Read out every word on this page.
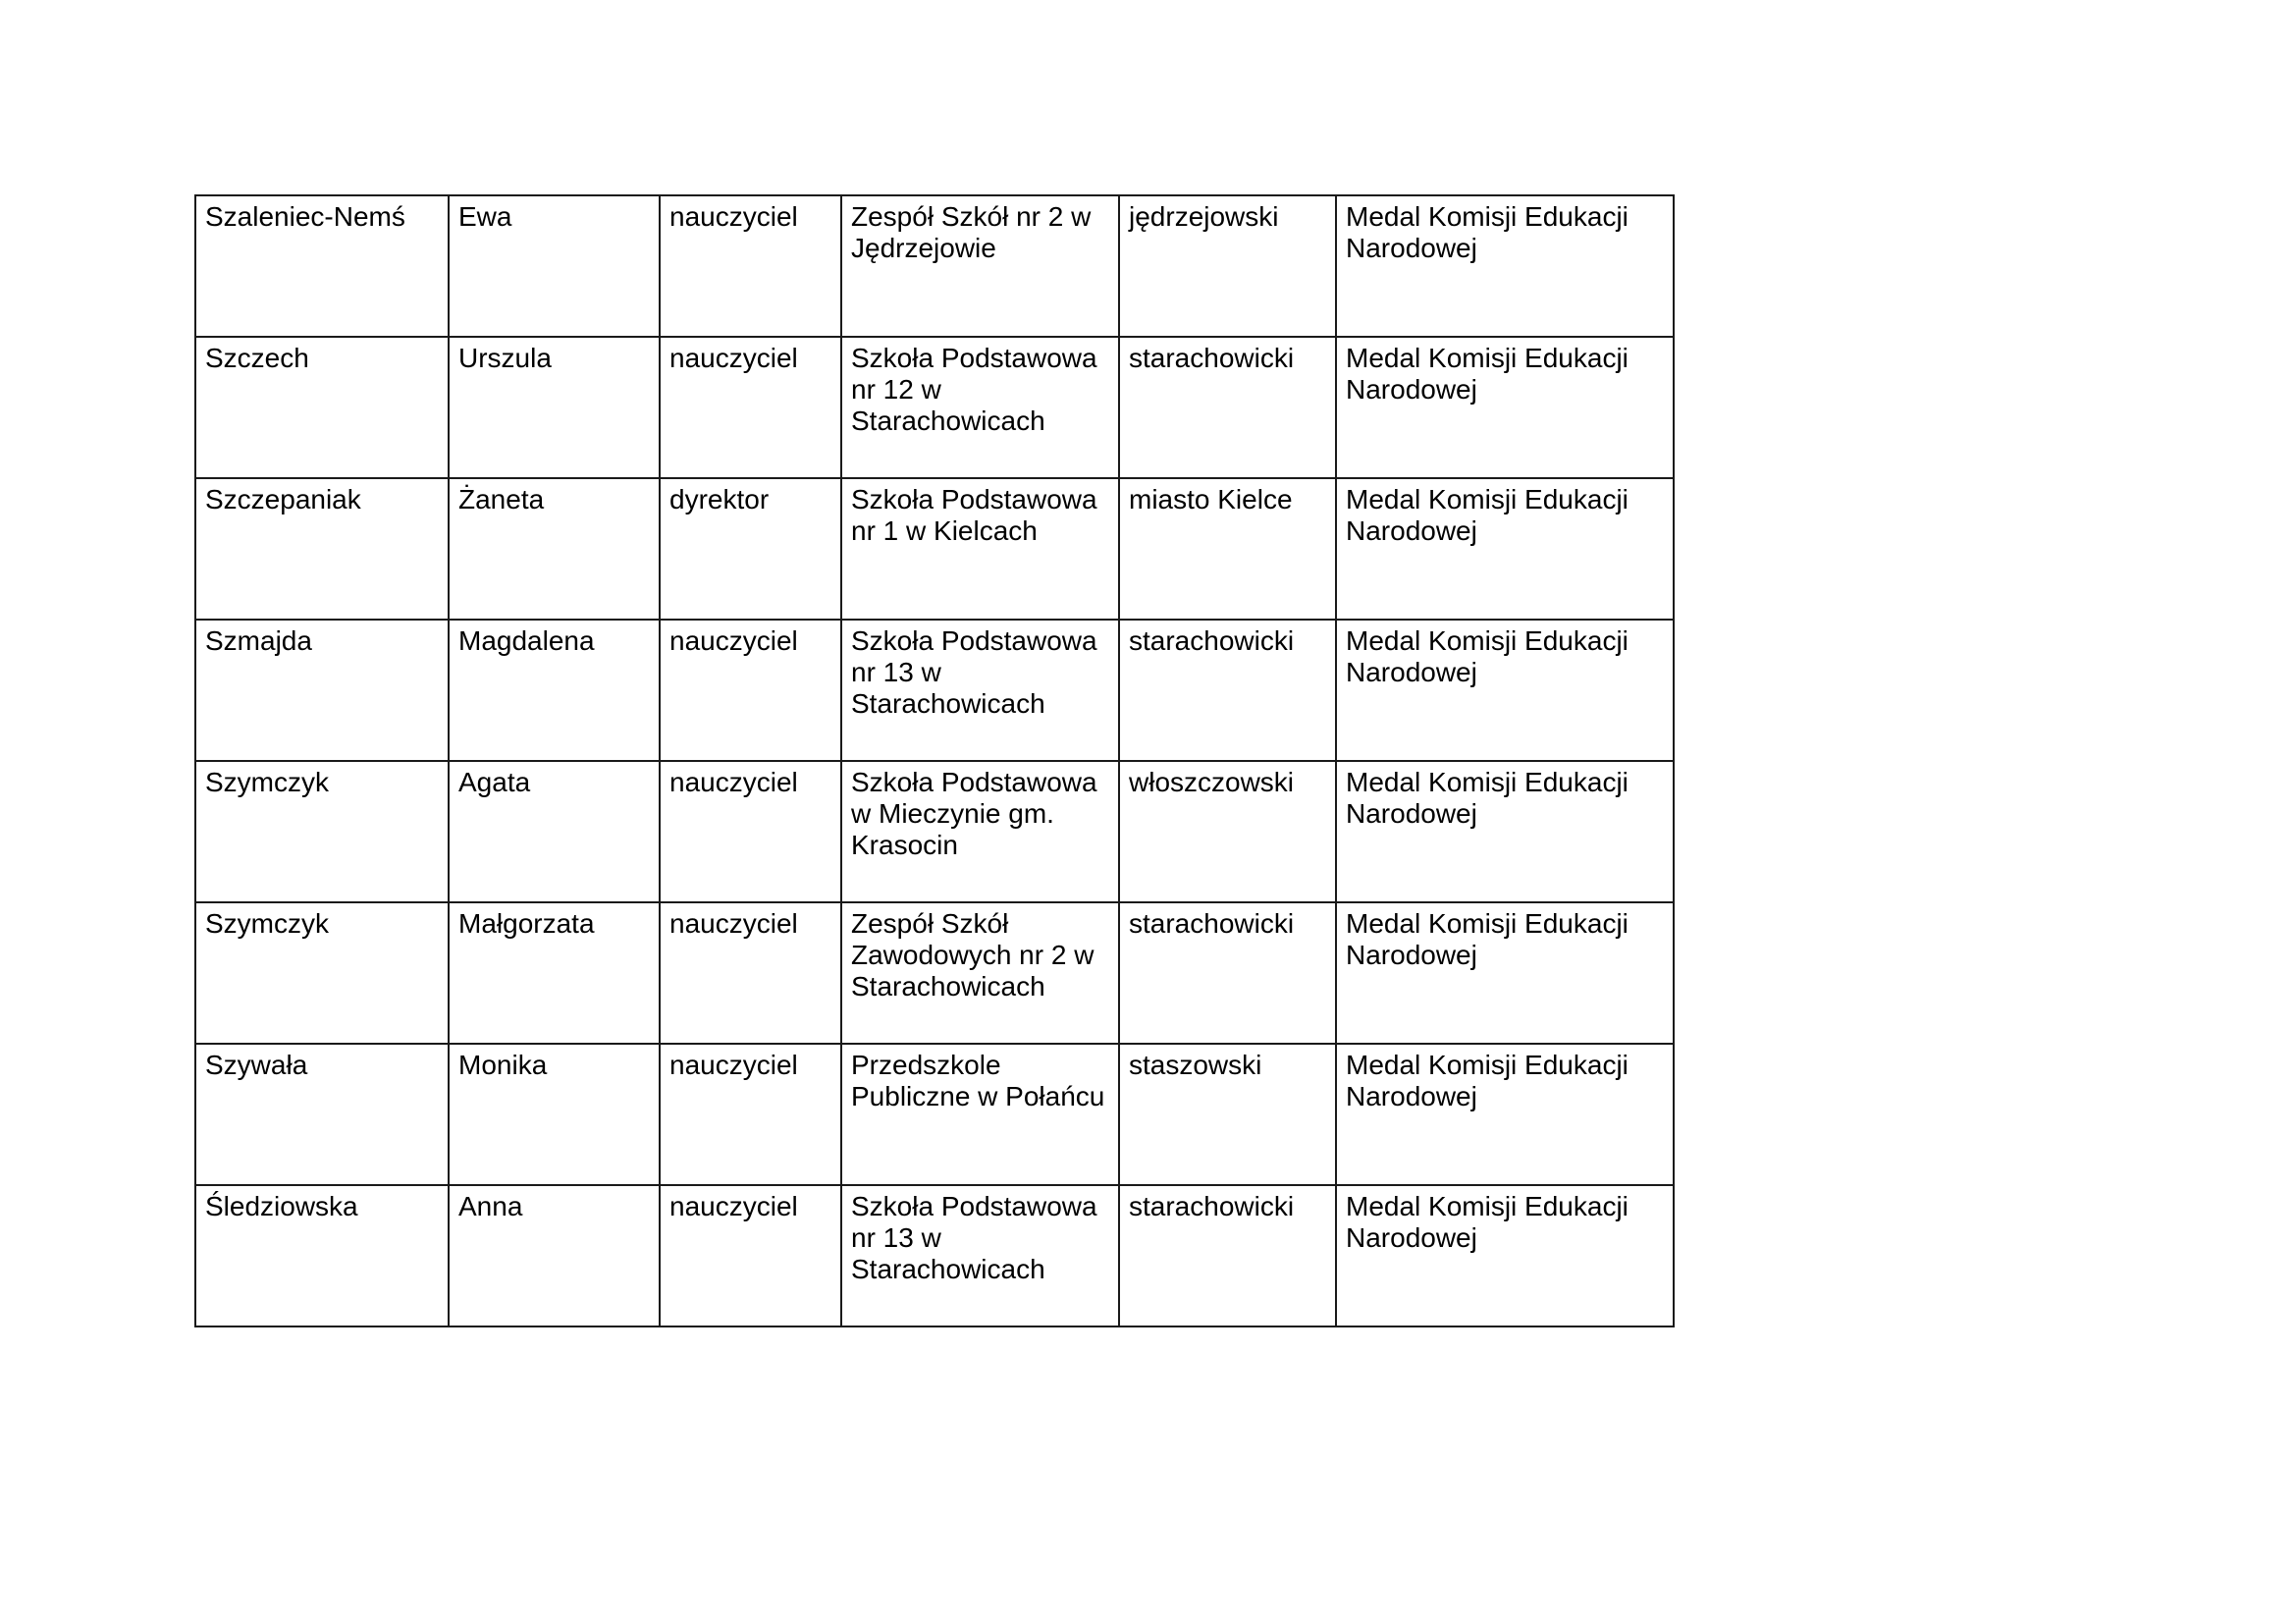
Szaleniec-Nemś	Ewa	nauczyciel	Zespół Szkół nr 2 w Jędrzejowie	jędrzejowski	Medal Komisji Edukacji Narodowej
Szczech	Urszula	nauczyciel	Szkoła Podstawowa nr 12 w Starachowicach	starachowicki	Medal Komisji Edukacji Narodowej
Szczepaniak	Żaneta	dyrektor	Szkoła Podstawowa nr 1 w Kielcach	miasto Kielce	Medal Komisji Edukacji Narodowej
Szmajda	Magdalena	nauczyciel	Szkoła Podstawowa nr 13 w Starachowicach	starachowicki	Medal Komisji Edukacji Narodowej
Szymczyk	Agata	nauczyciel	Szkoła Podstawowa w Mieczynie gm. Krasocin	włoszczowski	Medal Komisji Edukacji Narodowej
Szymczyk	Małgorzata	nauczyciel	Zespół Szkół Zawodowych nr 2 w Starachowicach	starachowicki	Medal Komisji Edukacji Narodowej
Szywała	Monika	nauczyciel	Przedszkole Publiczne w Połańcu	staszowski	Medal Komisji Edukacji Narodowej
Śledziowska	Anna	nauczyciel	Szkoła Podstawowa nr 13 w Starachowicach	starachowicki	Medal Komisji Edukacji Narodowej
